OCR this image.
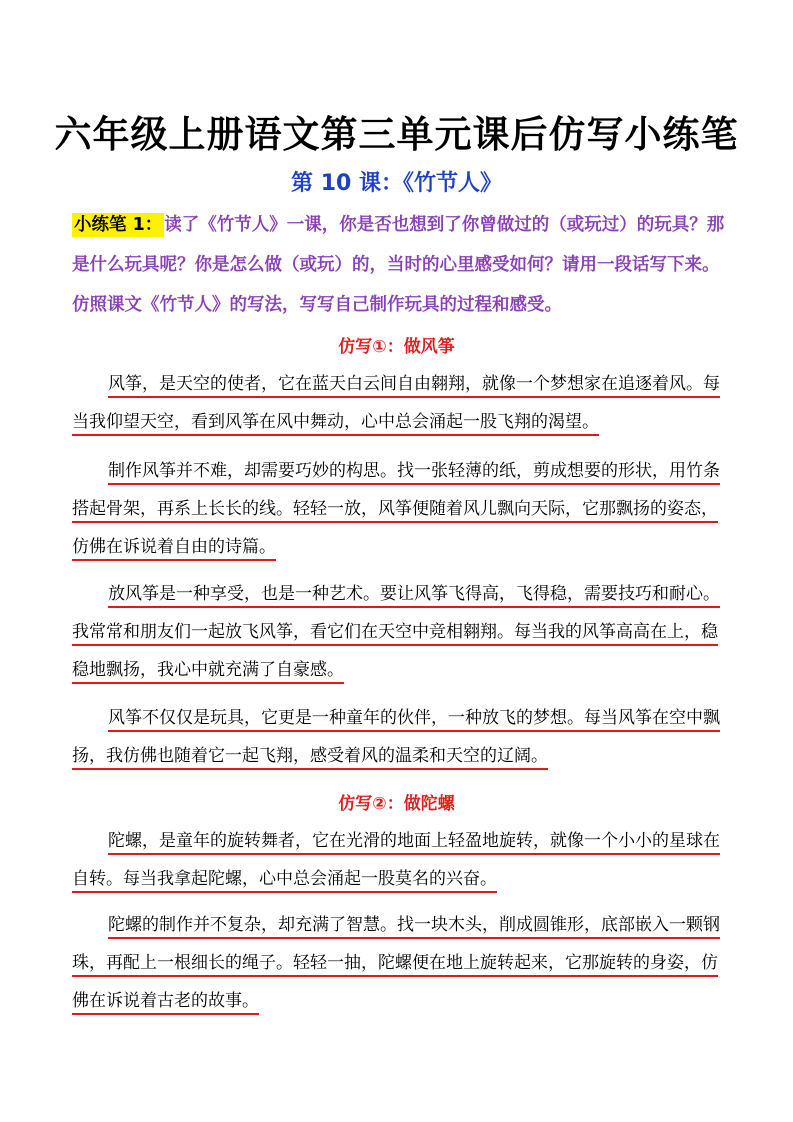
六年级上册语文第三单元课后仿写小练笔
第 10 课：《竹节人》
小练笔 1： 读了《竹节人》一课，你是否也想到了你曾做过的（或玩过）的玩具？那是什么玩具呢？你是怎么做（或玩）的，当时的心里感受如何？请用一段话写下来。 仿照课文《竹节人》的写法，写写自己制作玩具的过程和感受。
仿写①：做风筝
风筝，是天空的使者，它在蓝天白云间自由翱翔，就像一个梦想家在追逐着风。每当我仰望天空，看到风筝在风中舞动，心中总会涌起一股飞翔的渴望。
制作风筝并不难，却需要巧妙的构思。找一张轻薄的纸，剪成想要的形状，用竹条搭起骨架，再系上长长的线。轻轻一放，风筝便随着风儿飘向天际，它那飘扬的姿态，仿佛在诉说着自由的诗篇。
放风筝是一种享受，也是一种艺术。要让风筝飞得高，飞得稳，需要技巧和耐心。我常常和朋友们一起放飞风筝，看它们在天空中竞相翱翔。每当我的风筝高高在上，稳稳地飘扬，我心中就充满了自豪感。
风筝不仅仅是玩具，它更是一种童年的伙伴，一种放飞的梦想。每当风筝在空中飘扬，我仿佛也随着它一起飞翔，感受着风的温柔和天空的辽阔。
仿写②：做陀螺
陀螺，是童年的旋转舞者，它在光滑的地面上轻盈地旋转，就像一个小小的星球在自转。每当我拿起陀螺，心中总会涌起一股莫名的兴奋。
陀螺的制作并不复杂，却充满了智慧。找一块木头，削成圆锥形，底部嵌入一颗钢珠，再配上一根细长的绳子。轻轻一抽，陀螺便在地上旋转起来，它那旋转的身姿，仿佛在诉说着古老的故事。
